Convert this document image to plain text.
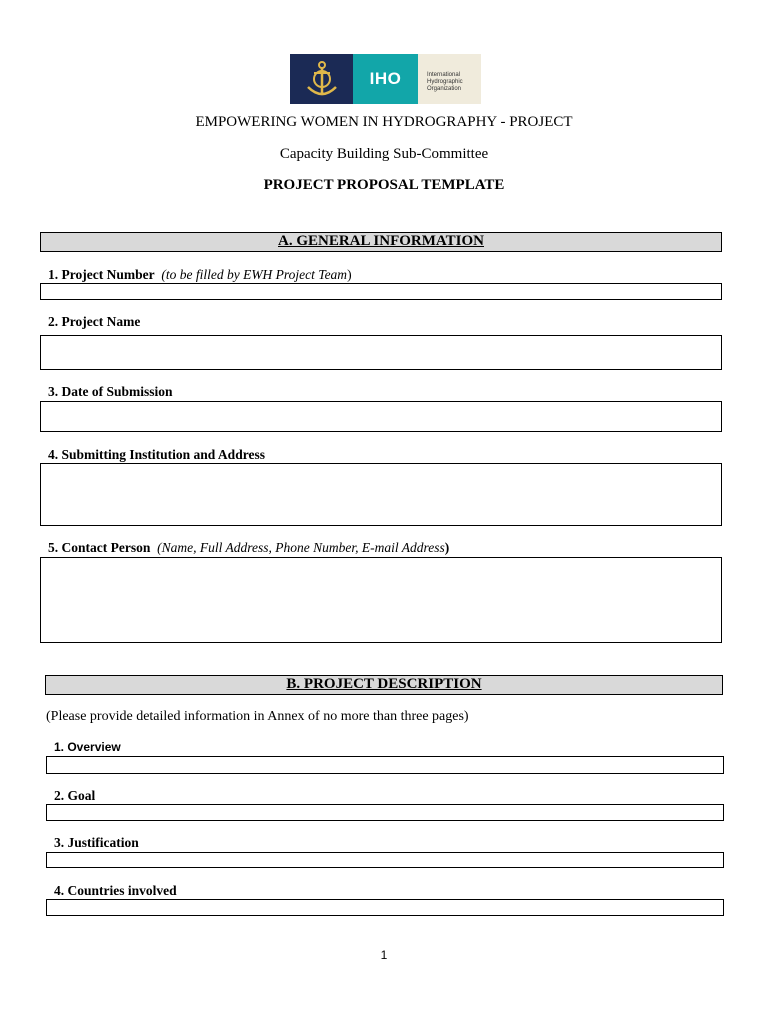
IHO	International
Hydrographic
Organization
EMPOWERING WOMEN IN HYDROGRAPHY - PROJECT
Capacity Building Sub-Committee
PROJECT PROPOSAL TEMPLATE
A. GENERAL INFORMATION
1. Project Number (to be filled by EWH Project Team)
2. Project Name
3. Date of Submission
4. Submitting Institution and Address
5. Contact Person (Name, Full Address, Phone Number, E-mail Address)
B. PROJECT DESCRIPTION
(Please provide detailed information in Annex of no more than three pages)
1. Overview
2. Goal
3. Justification
4. Countries involved
1
